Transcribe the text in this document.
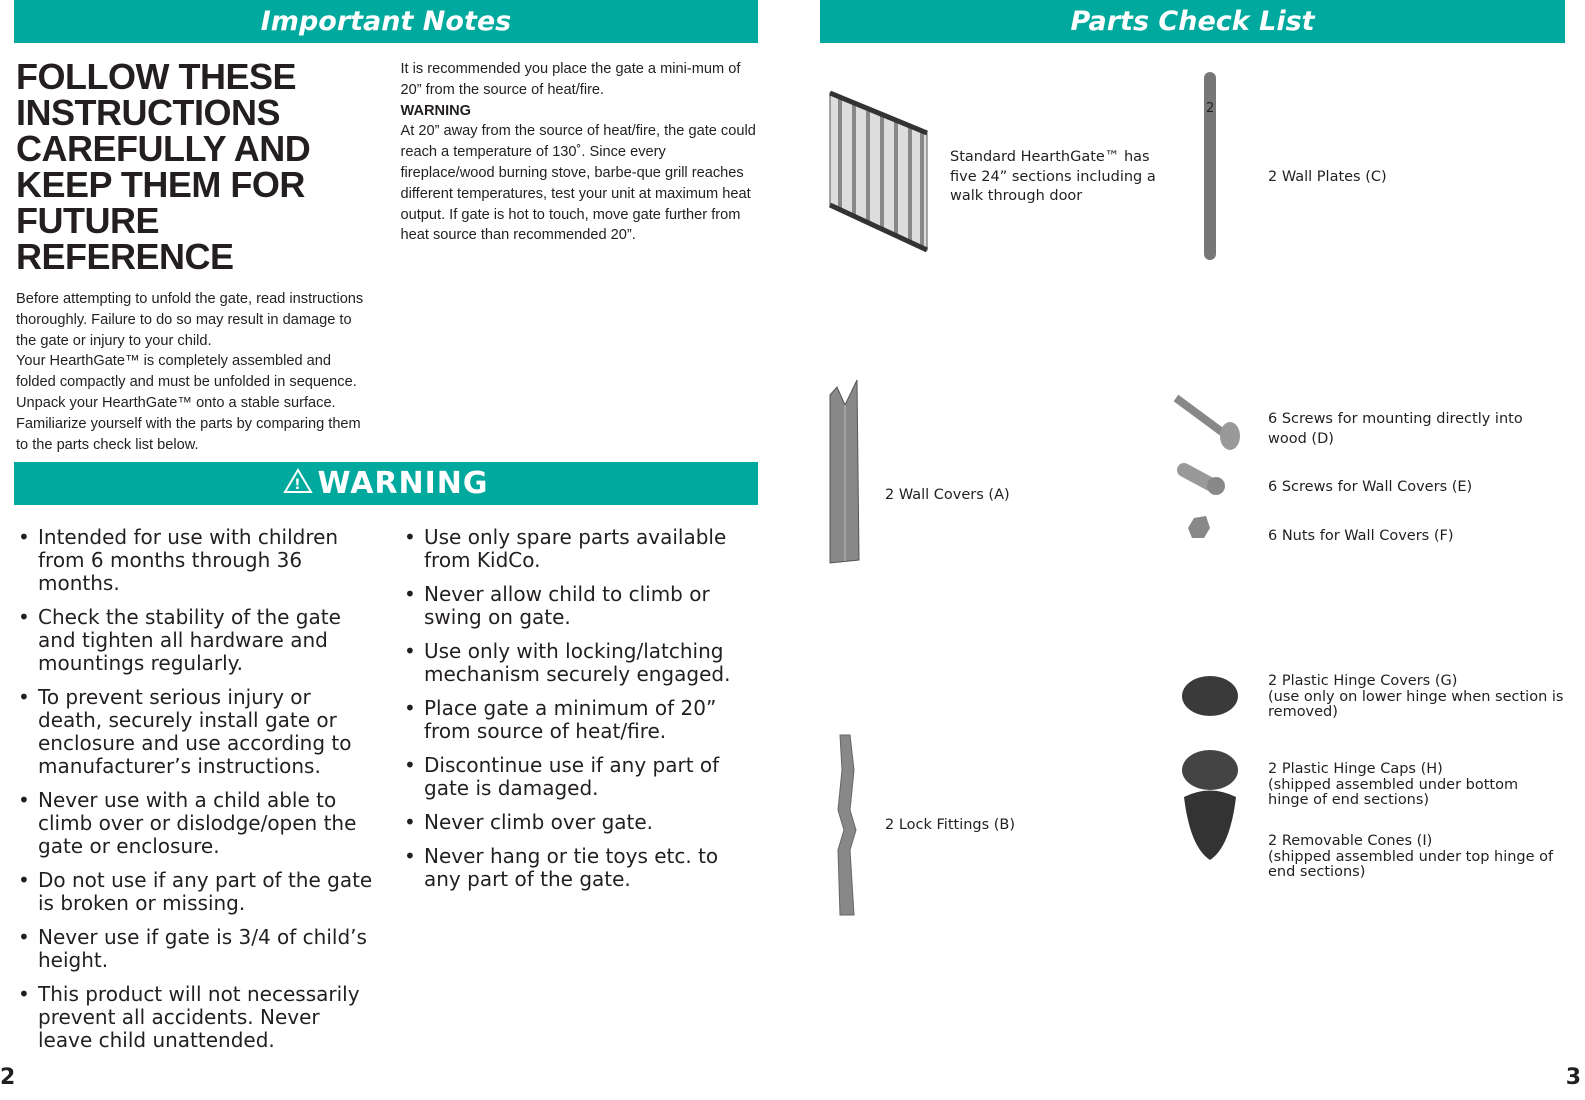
Important Notes
FOLLOW THESE INSTRUCTIONS CAREFULLY AND KEEP THEM FOR FUTURE REFERENCE
Before attempting to unfold the gate, read instructions thoroughly. Failure to do so may result in damage to the gate or injury to your child.
Your HearthGate™ is completely assembled and folded compactly and must be unfolded in sequence. Unpack your HearthGate™ onto a stable surface. Familiarize yourself with the parts by comparing them to the parts check list below.
It is recommended you place the gate a mini-mum of 20” from the source of heat/fire.
WARNING
At 20” away from the source of heat/fire, the gate could reach a temperature of 130˚. Since every fireplace/wood burning stove, barbe-que grill reaches different temperatures, test your unit at maximum heat output. If gate is hot to touch, move gate further from heat source than recommended 20”.
! WARNING
• Intended for use with children from 6 months through 36 months.
• Check the stability of the gate and tighten all hardware and mountings regularly.
• To prevent serious injury or death, securely install gate or enclosure and use according to manufacturer’s instructions.
• Never use with a child able to climb over or dislodge/open the gate or enclosure.
• Do not use if any part of the gate is broken or missing.
• Never use if gate is 3/4 of child’s height.
• This product will not necessarily prevent all accidents. Never leave child unattended.
• Use only spare parts available from KidCo.
• Never allow child to climb or swing on gate.
• Use only with locking/latching mechanism securely engaged.
• Place gate a minimum of 20” from source of heat/fire.
• Discontinue use if any part of gate is damaged.
• Never climb over gate.
• Never hang or tie toys etc. to any part of the gate.
2
Parts Check List
Standard HearthGate™ has five 24” sections including a walk through door
2
2 Wall Plates (C)
2 Wall Covers (A)
6 Screws for mounting directly into wood (D)
6 Screws for Wall Covers (E)
6 Nuts for Wall Covers (F)
2 Plastic Hinge Covers (G)
(use only on lower hinge when section is removed)
2 Plastic Hinge Caps (H)
(shipped assembled under bottom hinge of end sections)
2 Removable Cones (I)
(shipped assembled under top hinge of end sections)
2 Lock Fittings (B)
3
